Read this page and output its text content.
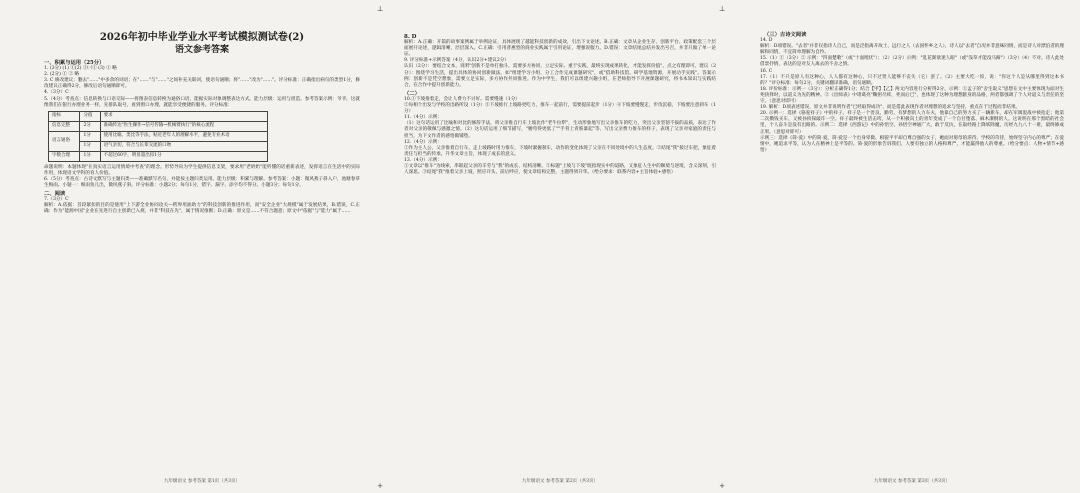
2026年初中毕业学业水平考试模拟测试卷(2)
语文参考答案
一、积累与运用（25分）
1. (3分) (1) ①(2) ①㈠① (3) ① 略
2. (2分) ① ② 略
3. C 修改建议：删去"……"中多余的词语；在"……"与"……"之间补充关联词，使语句通顺；将"……"改为"……"。评分标准：正确指出病句的类型1分，修改建议正确得2分，修改后语句通顺即可。
4.（3分）C
5.（4分）考查点：信息转换与口语交际——将图表信息转换为通俗口语，能据实际对象调整表达方式。能力层级：运用与创造。参考答案示例：爷爷，这就像我们在银行办理业务一样，先排队取号，再到窗口办理，就能享受便捷的服务。评分标准：
指标	分值	要求
信息完整	2分	准确传达"医生操作→信号传输→机械臂执行"的核心流程
语言通俗	1分	使用比喻、类比等手法，贴近老年人的理解水平，避免专业术语
	1分	语气亲切，符合与长辈交流的口吻
字数合理	1分	不超过60字，明显超出扣1分
命题说明：本题体现"在真实语言运用情境中考查"的理念。形势导向为学生提供信息支架，要求用"老奶奶"能听懂的话重新表述，发挥语言在生活中的实际作用，体现语文学科的育人价值。
6.（5分）考查点：古诗文默写与主题归类——准确默写名句，并能按主题归类运用。能力层级：积累与理解。参考答案：小题：微风燕子斜入户，池塘春草生梅雨。小题一：细雨鱼儿出，微风燕子斜。评分标准：小题2分；每句1分，错字、漏字、添字均不得分。小题3分；每句1分。
二、阅读
7.（3分）C
解析：A.依据：首段紧扣的目的是使用"上下游全业协同攻关—跨界用油助力"的科技创新的推进作用，而"安全企业"大规模"属于发展结果，B.错误，C.正确：作为"能源中国"企业在先进行自主创新已入规，并非"科技在先"，属于情况推断；D.正确：原文是……不符合题意；原文中"依据"与"能力"属于……
九年级语文 参考答案 第1页（共3页）
8. D
解析：A.正确：开篇的故事案例属于举例论证，具体展现了越能科技创新的成效，引出下文论述。B.正确：文章从企业生存、创新平台、政策配套三个层面展开论述，逻辑清晰，层层深入。C.正确：引用普惠型的商业实践属于引用论证，增强说服力。D.错误：文章结尾总结并发出号召，并非只做了单一论证。
9. 评分标准+示例答案（4分，认识2分+建议2分）
认识（2分）：要结合文本，说明"创新不是单打独斗，需要多方协同，立足实际、重于实践，最终实现成果转化，才能发挥价值"。点之有理即可。建议（2分）：围绕学习生活，提出具体的协同创新做法，如"组建学习小组，分工合作完成课题研究"，或"借助科技馆、研学基地资源，开展动手实践"。答案示例：创新不是凭空想象，需要立足实际，多方协作共同推进。作为中学生，我们可以组建兴趣小组，在老师指导下开展课题研究，将书本知识与实践结合，在合作中提升创新能力。
（二）
10.①下坡推着走，会让人费力不讨好。需要慢速（1分）
②每相个出发与学校的出路所设（1分）③下坡推行上坡路更吃力，推车一起前行，需要提前起步（1分）④下坡要慢慢走，步伐沉稳，下坡要注意刹车（1分）
11.（4分）示例：
（1）这句话运用了比喻和对比的修辞手法，将父亲推自行车上坡比作"老牛拉犁"，生动形象地写出父亲推车的吃力，突出父亲坚韧不拔的品质，表达了作者对父亲的敬佩与感激之情。（2）这句话运用了细节描写，"腰弯得更低了""手背上青筋暴起"等，写出父亲费力推车的样子，表现了父亲对家庭的责任与担当，为下文作者的感悟做铺垫。
12.（4分）示例：
①作为主人公，父亲推着自行车，走上坡路时用力推车，下坡时紧握刹车，动作的变化体现了父亲在不同处境中的人生态度。②结尾"我"接过车把，象征着责任与担当的传承，升华文章主旨，体现了成长的意义。
13.（4分）示例：
①文章以"推车"为线索，串联起父亲的辛劳与"我"的成长，结构清晰。②标题"上坡与下坡"既指现实中的道路，又象征人生中的顺境与逆境，含义深刻，引人深思。③结尾"我"推着父亲上坡，照应开头，前后呼应，使文章结构完整，主题得到升华。（给分要求：联系内容+主旨体验+感悟）
九年级语文 参考答案 第2页（共3页）
（三）古诗文阅读
14. D
解析：D项错误。"去者"并非仅指诗人自己，而是泛指离开故土、远行之人（去国怀乡之人），诗人以"去者"自况并非意味同情，而是诗人对漂泊者的理解和同情，不宜简单理解为自怜。
15.（1）①（3分）② 示例："四面楚歌"（或"十面埋伏"）；（2）（2分）示例："乱花渐欲迷人眼"（或"浅草才能没马蹄"）（3分）（4）不对。诗人此处借景抒情，表达的是对友人离去的不舍之情。
16. C
17.（1）不只是原人有这种心，人人都有这种心，只不过贤人能够不丧失（它）罢了。（2）主要大吃一惊，说："你这个人是从哪里得到这本书的？"评分标准：每句2分，关键词翻译准确，语句通顺。
18. 评价标准：示例一（3分）：分析正确得1分；结合【甲】【乙】两文内容进行分析得2分。示例：①孟子的"舍生取义"思想在文中主要体现为面对生死抉择时，以道义为先的精神。②《出师表》中诸葛亮"鞠躬尽瘁，死而后已"，也体现了这种为理想献身的品格，两者都强调了个人对道义与责任的坚守。（意思对即可）
19. 解析：D项表述错误，原文并非说明作者"已经取得成功"，而是借此表现作者对理想的追求与坚持，重点在于过程而非结果。
20. 示例一：选择《骆驼祥子》中的祥子。祥子是一个善良、勤劳、有梦想的人力车夫，他靠自己的努力买了一辆新车，却在军阀混战中被抢走；他第二次攒钱买车，又被孙侦探敲诈一空。祥子最终被生活击垮，从一个积极向上的青年变成了一个自甘堕落、麻木潦倒的人。这说明在那个黑暗的社会里，个人奋斗是没有出路的。示例二：选择《西游记》中的孙悟空。孙悟空神通广大，敢于反抗，在取经路上降妖除魔，历经九九八十一难，最终修成正果。（意思对即可）
示例三：选择《简·爱》中的简·爱。简·爱是一个出身卑微、相貌平平却自尊自强的女子，她面对舅母的虐待、学校的苛待，始终坚守内心的尊严；在爱情中，她追求平等，认为人在精神上是平等的。简·爱的形象告诉我们，人要有独立的人格和尊严，才能赢得他人的尊重。（给分要点：人物+情节+感悟）
九年级语文 参考答案 第3页（共3页）
⊥	⊥
+	+
